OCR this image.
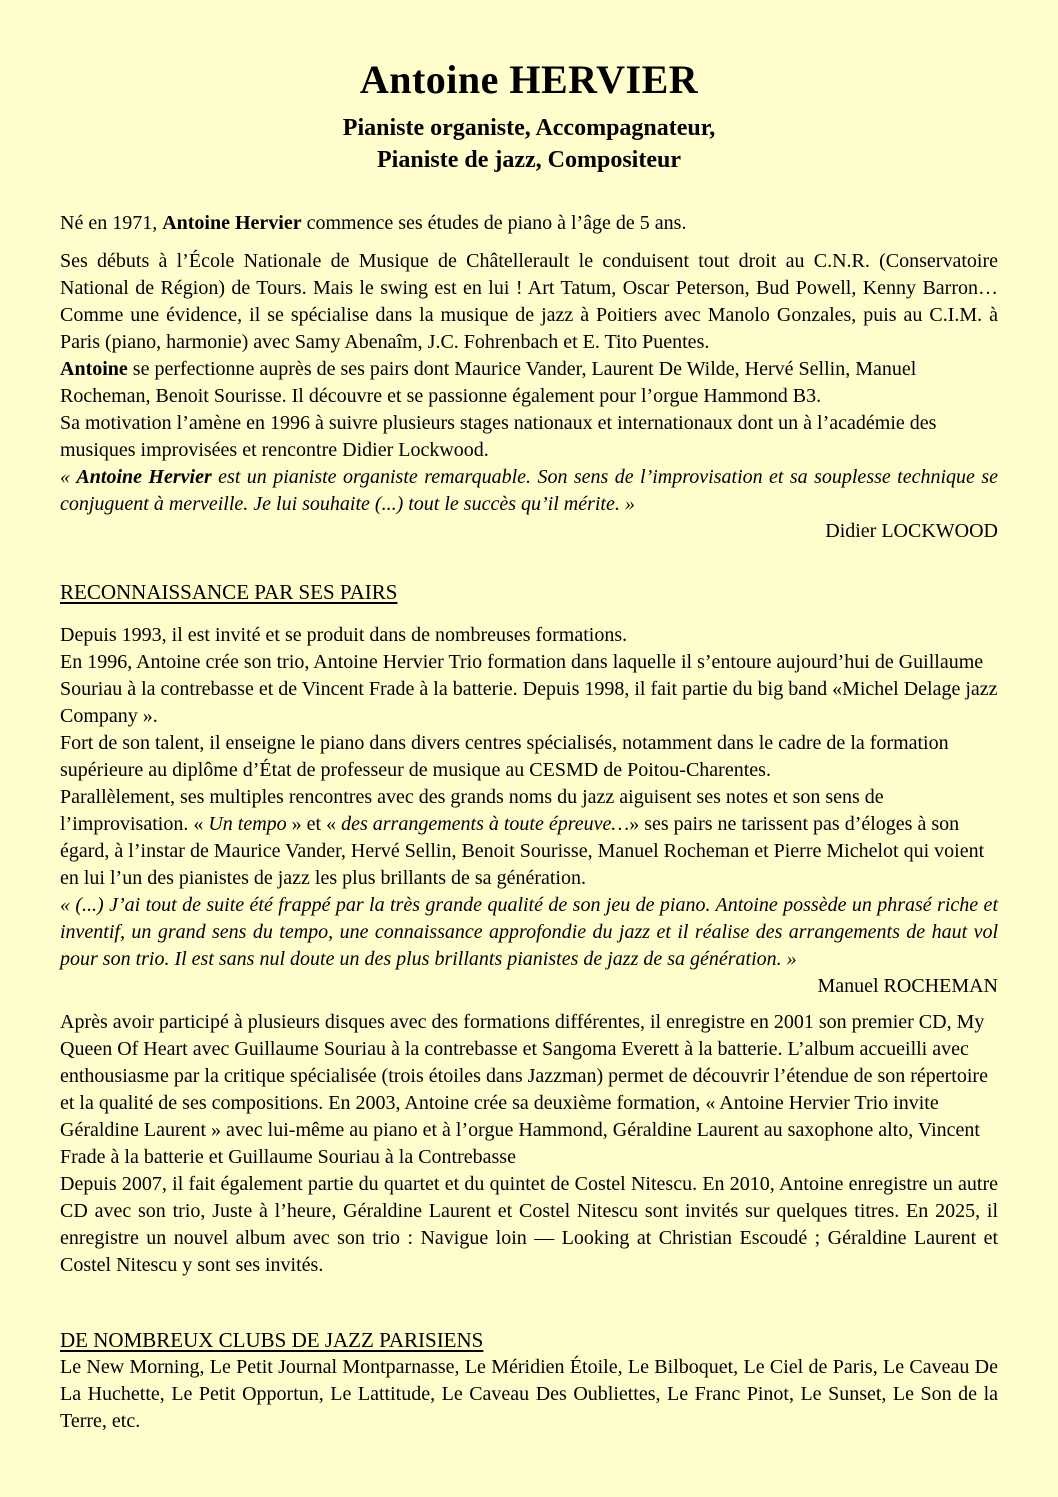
Antoine HERVIER
Pianiste organiste, Accompagnateur,
Pianiste de jazz, Compositeur

Né en 1971, Antoine Hervier commence ses études de piano à l’âge de 5 ans.

Ses débuts à l’École Nationale de Musique de Châtellerault le conduisent tout droit au C.N.R. (Conservatoire National de Région) de Tours. Mais le swing est en lui ! Art Tatum, Oscar Peterson, Bud Powell, Kenny Barron… Comme une évidence, il se spécialise dans la musique de jazz à Poitiers avec Manolo Gonzales, puis au C.I.M. à Paris (piano, harmonie) avec Samy Abenaîm, J.C. Fohrenbach et E. Tito Puentes.

Antoine se perfectionne auprès de ses pairs dont Maurice Vander, Laurent De Wilde, Hervé Sellin, Manuel Rocheman, Benoit Sourisse. Il découvre et se passionne également pour l’orgue Hammond B3.

Sa motivation l’amène en 1996 à suivre plusieurs stages nationaux et internationaux dont un à l’académie des musiques improvisées et rencontre Didier Lockwood.

« Antoine Hervier est un pianiste organiste remarquable. Son sens de l’improvisation et sa souplesse technique se conjuguent à merveille. Je lui souhaite (...) tout le succès qu’il mérite. »

Didier LOCKWOOD

RECONNAISSANCE PAR SES PAIRS

Depuis 1993, il est invité et se produit dans de nombreuses formations.

En 1996, Antoine crée son trio, Antoine Hervier Trio formation dans laquelle il s’entoure aujourd’hui de Guillaume Souriau à la contrebasse et de Vincent Frade à la batterie. Depuis 1998, il fait partie du big band «Michel Delage jazz Company ».

Fort de son talent, il enseigne le piano dans divers centres spécialisés, notamment dans le cadre de la formation supérieure au diplôme d’État de professeur de musique au CESMD de Poitou-Charentes.

Parallèlement, ses multiples rencontres avec des grands noms du jazz aiguisent ses notes et son sens de l’improvisation. « Un tempo » et « des arrangements à toute épreuve…» ses pairs ne tarissent pas d’éloges à son égard, à l’instar de Maurice Vander, Hervé Sellin, Benoit Sourisse, Manuel Rocheman et Pierre Michelot qui voient en lui l’un des pianistes de jazz les plus brillants de sa génération.

« (...) J’ai tout de suite été frappé par la très grande qualité de son jeu de piano. Antoine possède un phrasé riche et inventif, un grand sens du tempo, une connaissance approfondie du jazz et il réalise des arrangements de haut vol pour son trio. Il est sans nul doute un des plus brillants pianistes de jazz de sa génération. »

Manuel ROCHEMAN

Après avoir participé à plusieurs disques avec des formations différentes, il enregistre en 2001 son premier CD, My Queen Of Heart avec Guillaume Souriau à la contrebasse et Sangoma Everett à la batterie. L’album accueilli avec enthousiasme par la critique spécialisée (trois étoiles dans Jazzman) permet de découvrir l’étendue de son répertoire et la qualité de ses compositions. En 2003, Antoine crée sa deuxième formation, « Antoine Hervier Trio invite Géraldine Laurent » avec lui-même au piano et à l’orgue Hammond, Géraldine Laurent au saxophone alto, Vincent Frade à la batterie et Guillaume Souriau à la Contrebasse

Depuis 2007, il fait également partie du quartet et du quintet de Costel Nitescu. En 2010, Antoine enregistre un autre CD avec son trio, Juste à l’heure, Géraldine Laurent et Costel Nitescu sont invités sur quelques titres. En 2025, il enregistre un nouvel album avec son trio : Navigue loin — Looking at Christian Escoudé ; Géraldine Laurent et Costel Nitescu y sont ses invités.

DE NOMBREUX CLUBS DE JAZZ PARISIENS

Le New Morning, Le Petit Journal Montparnasse, Le Méridien Étoile, Le Bilboquet, Le Ciel de Paris, Le Caveau De La Huchette, Le Petit Opportun, Le Lattitude, Le Caveau Des Oubliettes, Le Franc Pinot, Le Sunset, Le Son de la Terre, etc.
